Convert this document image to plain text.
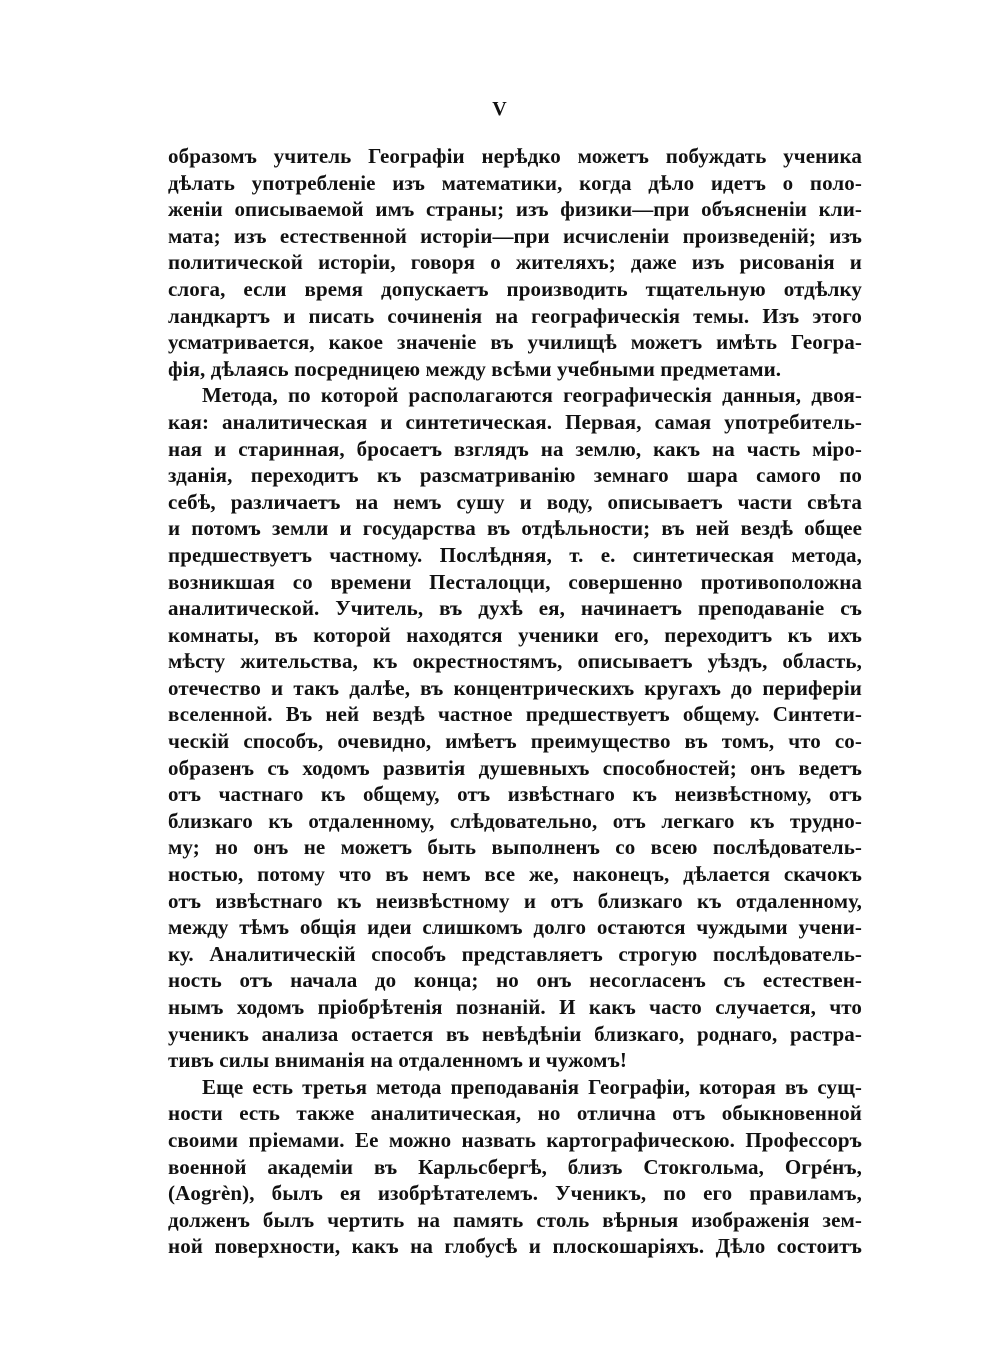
V
образомъ учитель Географіи нерѣдко можетъ побуждать ученика
дѣлать употребленіе изъ математики, когда дѣло идетъ о поло-
женіи описываемой имъ страны; изъ физики—при объясненіи кли-
мата; изъ естественной исторіи—при исчисленіи произведеній; изъ
политической исторіи, говоря о жителяхъ; даже изъ рисованія и
слога, если время допускаетъ производить тщательную отдѣлку
ландкартъ и писать сочиненія на географическія темы. Изъ этого
усматривается, какое значеніе въ училищѣ можетъ имѣть Геогра-
фія, дѣлаясь посредницею между всѣми учебными предметами.
Метода, по которой располагаются географическія данныя, двоя-
кая: аналитическая и синтетическая. Первая, самая употребитель-
ная и старинная, бросаетъ взглядъ на землю, какъ на часть міро-
зданія, переходитъ къ разсматриванію земнаго шара самого по
себѣ, различаетъ на немъ сушу и воду, описываетъ части свѣта
и потомъ земли и государства въ отдѣльности; въ ней вездѣ общее
предшествуетъ частному. Послѣдняя, т. е. синтетическая метода,
возникшая со времени Песталоцци, совершенно противоположна
аналитической. Учитель, въ духѣ ея, начинаетъ преподаваніе съ
комнаты, въ которой находятся ученики его, переходитъ къ ихъ
мѣсту жительства, къ окрестностямъ, описываетъ уѣздъ, область,
отечество и такъ далѣе, въ концентрическихъ кругахъ до периферіи
вселенной. Въ ней вездѣ частное предшествуетъ общему. Синтети-
ческій способъ, очевидно, имѣетъ преимущество въ томъ, что со-
образенъ съ ходомъ развитія душевныхъ способностей; онъ ведетъ
отъ частнаго къ общему, отъ извѣстнаго къ неизвѣстному, отъ
близкаго къ отдаленному, слѣдовательно, отъ легкаго къ трудно-
му; но онъ не можетъ быть выполненъ со всею послѣдователь-
ностью, потому что въ немъ все же, наконецъ, дѣлается скачокъ
отъ извѣстнаго къ неизвѣстному и отъ близкаго къ отдаленному,
между тѣмъ общія идеи слишкомъ долго остаются чуждыми учени-
ку. Аналитическій способъ представляетъ строгую послѣдователь-
ность отъ начала до конца; но онъ несогласенъ съ естествен-
нымъ ходомъ пріобрѣтенія познаній. И какъ часто случается, что
ученикъ анализа остается въ невѣдѣніи близкаго, роднаго, растра-
тивъ силы вниманія на отдаленномъ и чужомъ!
Еще есть третья метода преподаванія Географіи, которая въ сущ-
ности есть также аналитическая, но отлична отъ обыкновенной
своими пріемами. Ее можно назвать картографическою. Профессоръ
военной академіи въ Карльсбергѣ, близъ Стокгольма, Огрéнъ,
(Aogrèn), былъ ея изобрѣтателемъ. Ученикъ, по его правиламъ,
долженъ былъ чертить на память столь вѣрныя изображенія зем-
ной поверхности, какъ на глобусѣ и плоскошаріяхъ. Дѣло состоитъ
